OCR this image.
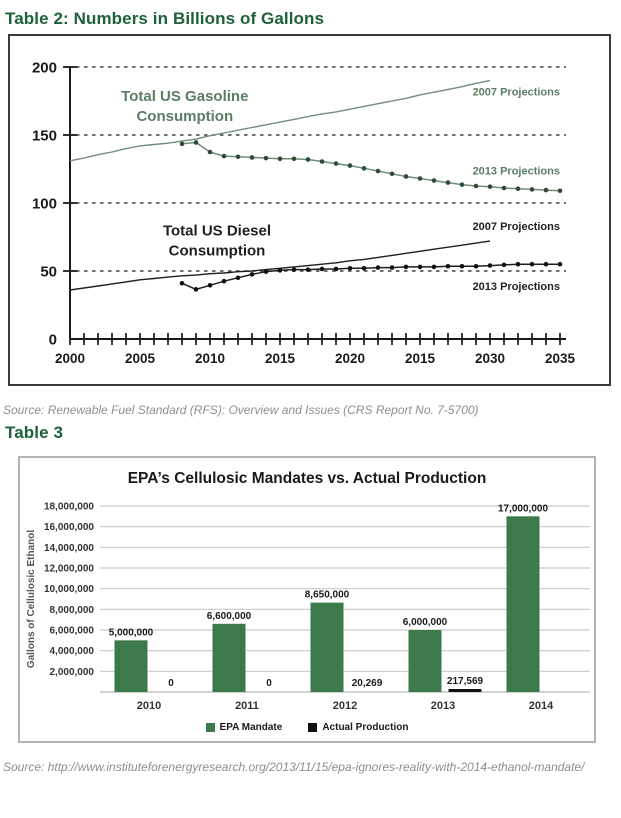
Table 2: Numbers in Billions of Gallons
0
50
100
150
200
2000	2005	2010	2015	2020	2015	2030	2035
Total US Gasoline Consumption
Total US Diesel Consumption
2007 Projections
2013 Projections
2007 Projections
2013 Projections

Source: Renewable Fuel Standard (RFS): Overview and Issues (CRS Report No. 7-5700)

Table 3
EPA’s Cellulosic Mandates vs. Actual Production
2,000,000
4,000,000
6,000,000
8,000,000
10,000,000
12,000,000
14,000,000
16,000,000
18,000,000
Gallons of Cellulosic Ethanol	5,000,000
0
2010
6,600,000
0
2011
8,650,000
20,269
2012
6,000,000
217,569
2013
17,000,000
2014
EPA Mandate	Actual Production

Source: http://www.instituteforenergyresearch.org/2013/11/15/epa-ignores-reality-with-2014-ethanol-mandate/
